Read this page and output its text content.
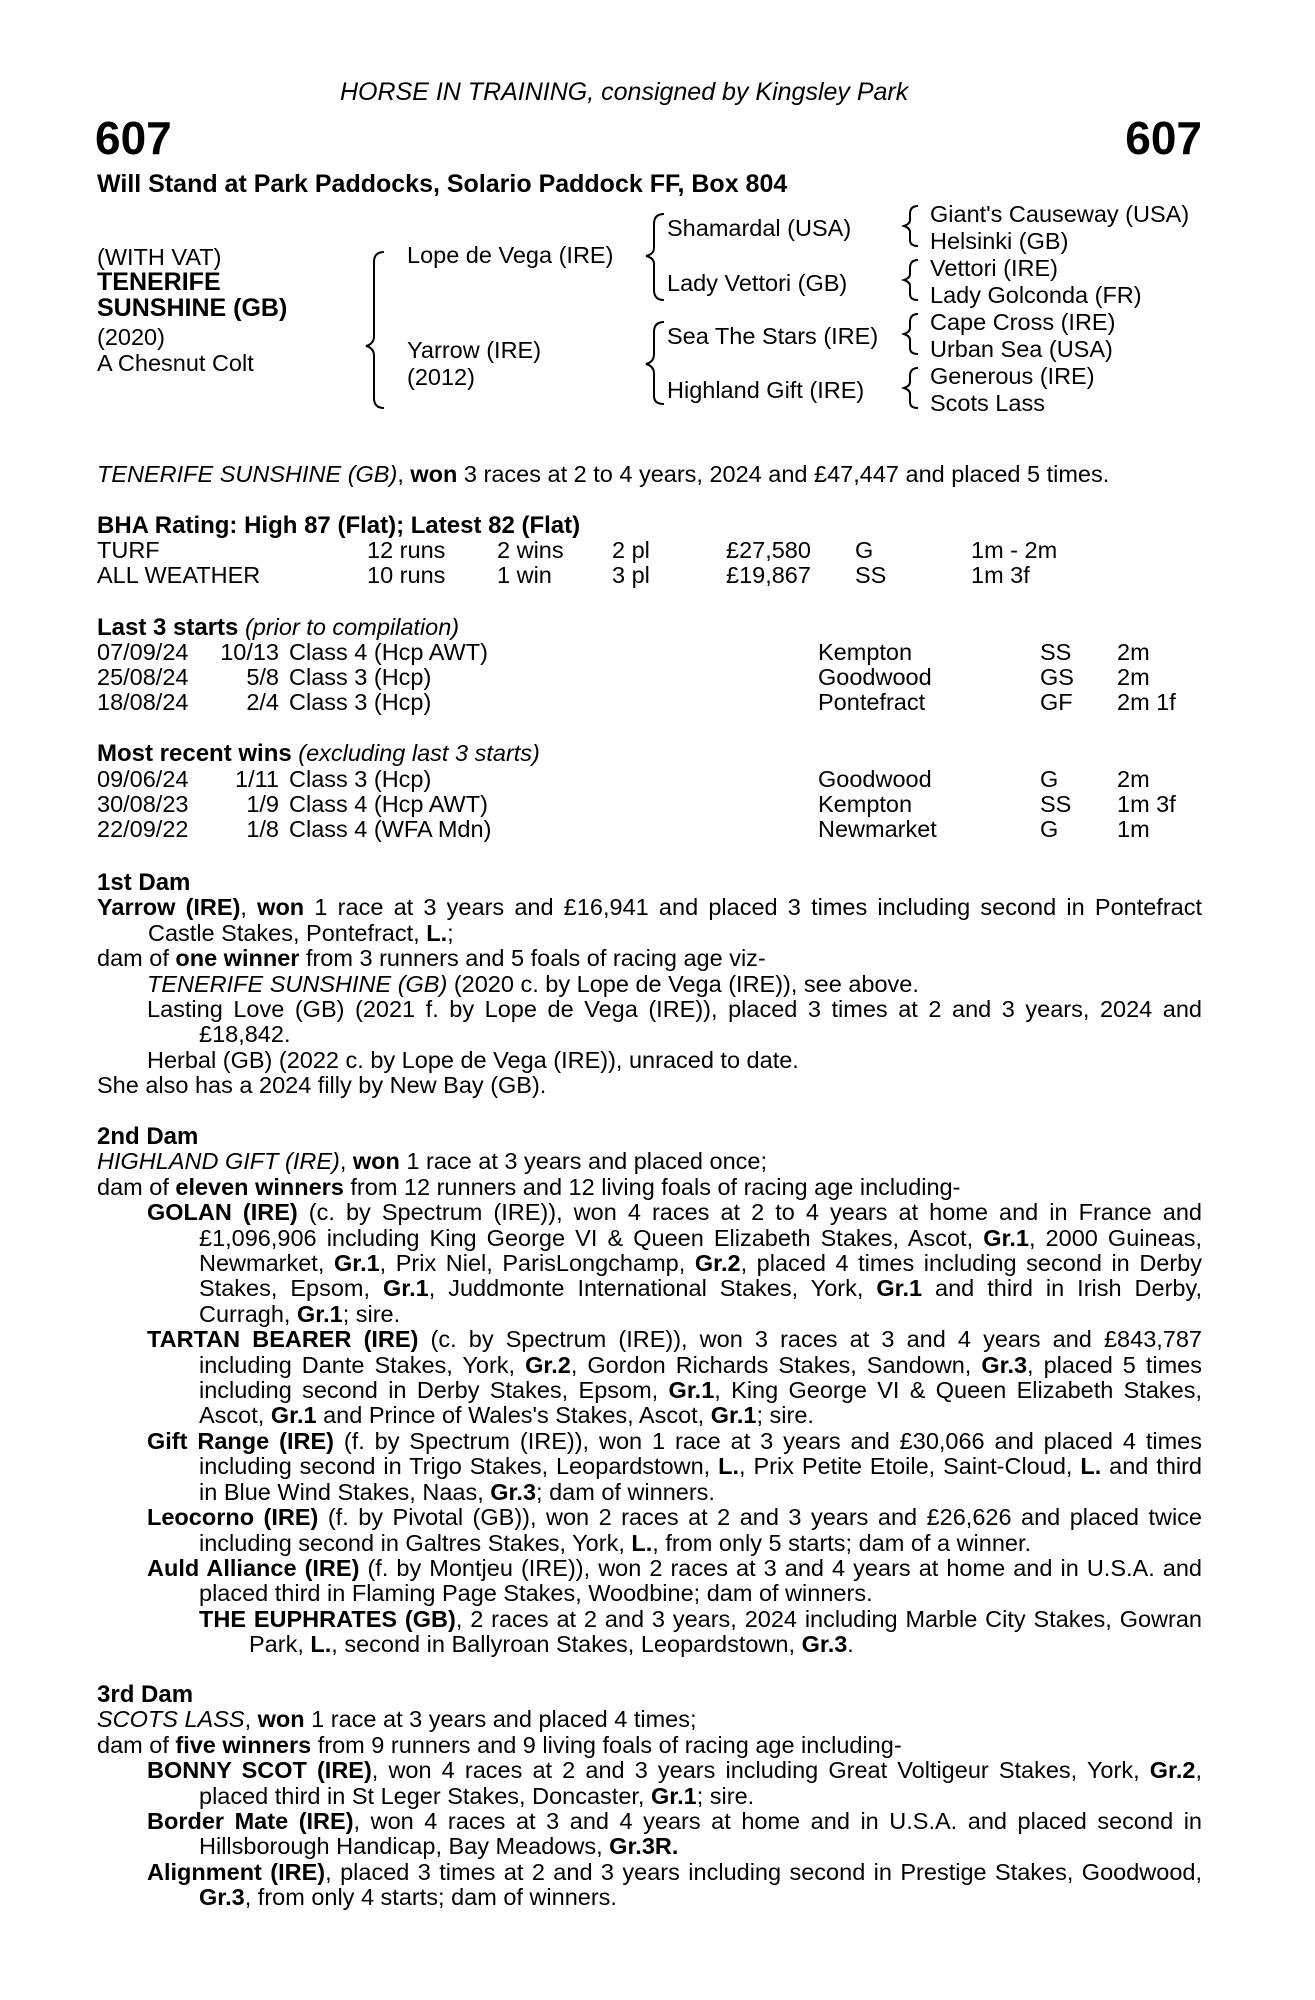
HORSE IN TRAINING, consigned by Kingsley Park
607	607
Will Stand at Park Paddocks, Solario Paddock FF, Box 804
(WITH VAT)
TENERIFE
SUNSHINE (GB)
(2020)
A Chesnut Colt
Lope de Vega (IRE)
Yarrow (IRE)
(2012)
Shamardal (USA)
Lady Vettori (GB)
Sea The Stars (IRE)
Highland Gift (IRE)
Giant's Causeway (USA)
Helsinki (GB)
Vettori (IRE)
Lady Golconda (FR)
Cape Cross (IRE)
Urban Sea (USA)
Generous (IRE)
Scots Lass
TENERIFE SUNSHINE (GB), won 3 races at 2 to 4 years, 2024 and £47,447 and placed 5 times.
BHA Rating: High 87 (Flat); Latest 82 (Flat)
TURF	12 runs 2 wins 2 pl	£27,580 G	1m - 2m
ALL WEATHER	10 runs 1 win	3 pl	£19,867 SS	1m 3f
Last 3 starts (prior to compilation)
07/09/24	10/13 Class 4 (Hcp AWT)	Kempton	SS 2m
25/08/24	5/8 Class 3 (Hcp)	Goodwood	GS 2m
18/08/24	2/4 Class 3 (Hcp)	Pontefract	GF 2m 1f
Most recent wins (excluding last 3 starts)
09/06/24	1/11 Class 3 (Hcp)	Goodwood	G 2m
30/08/23	1/9 Class 4 (Hcp AWT)	Kempton	SS 1m 3f
22/09/22	1/8 Class 4 (WFA Mdn)	Newmarket	G 1m
1st Dam
Yarrow (IRE), won 1 race at 3 years and £16,941 and placed 3 times including second in Pontefract Castle Stakes, Pontefract, L.;
dam of one winner from 3 runners and 5 foals of racing age viz-
TENERIFE SUNSHINE (GB) (2020 c. by Lope de Vega (IRE)), see above.
Lasting Love (GB) (2021 f. by Lope de Vega (IRE)), placed 3 times at 2 and 3 years, 2024 and £18,842.
Herbal (GB) (2022 c. by Lope de Vega (IRE)), unraced to date.
She also has a 2024 filly by New Bay (GB).
2nd Dam
HIGHLAND GIFT (IRE), won 1 race at 3 years and placed once;
dam of eleven winners from 12 runners and 12 living foals of racing age including-
GOLAN (IRE) (c. by Spectrum (IRE)), won 4 races at 2 to 4 years at home and in France and £1,096,906 including King George VI & Queen Elizabeth Stakes, Ascot, Gr.1, 2000 Guineas, Newmarket, Gr.1, Prix Niel, ParisLongchamp, Gr.2, placed 4 times including second in Derby Stakes, Epsom, Gr.1, Juddmonte International Stakes, York, Gr.1 and third in Irish Derby, Curragh, Gr.1; sire.
TARTAN BEARER (IRE) (c. by Spectrum (IRE)), won 3 races at 3 and 4 years and £843,787 including Dante Stakes, York, Gr.2, Gordon Richards Stakes, Sandown, Gr.3, placed 5 times including second in Derby Stakes, Epsom, Gr.1, King George VI & Queen Elizabeth Stakes, Ascot, Gr.1 and Prince of Wales's Stakes, Ascot, Gr.1; sire.
Gift Range (IRE) (f. by Spectrum (IRE)), won 1 race at 3 years and £30,066 and placed 4 times including second in Trigo Stakes, Leopardstown, L., Prix Petite Etoile, Saint-Cloud, L. and third in Blue Wind Stakes, Naas, Gr.3; dam of winners.
Leocorno (IRE) (f. by Pivotal (GB)), won 2 races at 2 and 3 years and £26,626 and placed twice including second in Galtres Stakes, York, L., from only 5 starts; dam of a winner.
Auld Alliance (IRE) (f. by Montjeu (IRE)), won 2 races at 3 and 4 years at home and in U.S.A. and placed third in Flaming Page Stakes, Woodbine; dam of winners.
THE EUPHRATES (GB), 2 races at 2 and 3 years, 2024 including Marble City Stakes, Gowran Park, L., second in Ballyroan Stakes, Leopardstown, Gr.3.
3rd Dam
SCOTS LASS, won 1 race at 3 years and placed 4 times;
dam of five winners from 9 runners and 9 living foals of racing age including-
BONNY SCOT (IRE), won 4 races at 2 and 3 years including Great Voltigeur Stakes, York, Gr.2, placed third in St Leger Stakes, Doncaster, Gr.1; sire.
Border Mate (IRE), won 4 races at 3 and 4 years at home and in U.S.A. and placed second in Hillsborough Handicap, Bay Meadows, Gr.3R.
Alignment (IRE), placed 3 times at 2 and 3 years including second in Prestige Stakes, Goodwood, Gr.3, from only 4 starts; dam of winners.
